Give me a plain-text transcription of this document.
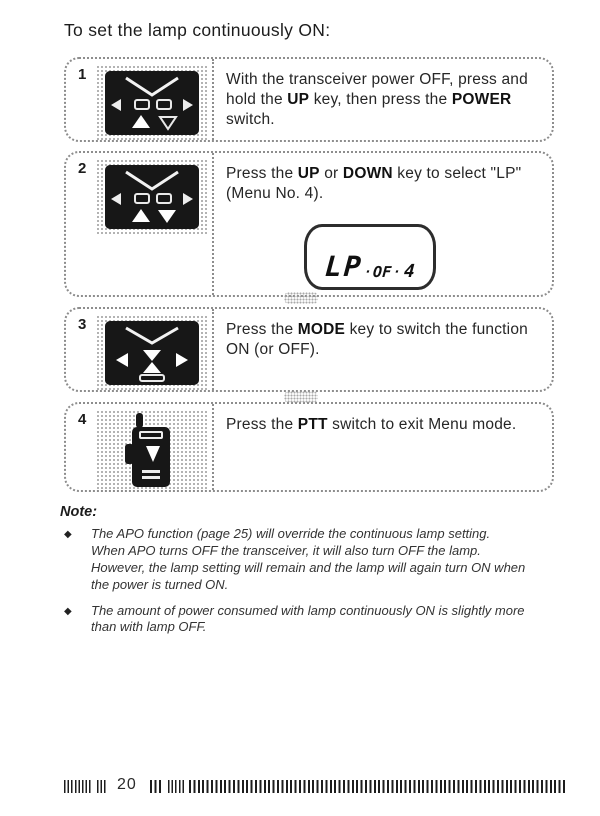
To set the lamp continuously ON:
1	With the transceiver power OFF, press and hold the UP key, then press the POWER switch.
2	Press the UP or DOWN key to select "LP" (Menu No. 4).
LP · OF · 4
3	Press the MODE key to switch the function ON (or OFF).
4	Press the PTT switch to exit Menu mode.
Note:
◆	The APO function (page 25) will override the continuous lamp setting. When APO turns OFF the transceiver, it will also turn OFF the lamp. However, the lamp setting will remain and the lamp will again turn ON when the power is turned ON.
◆	The amount of power consumed with lamp continuously ON is slightly more than with lamp OFF.
20
